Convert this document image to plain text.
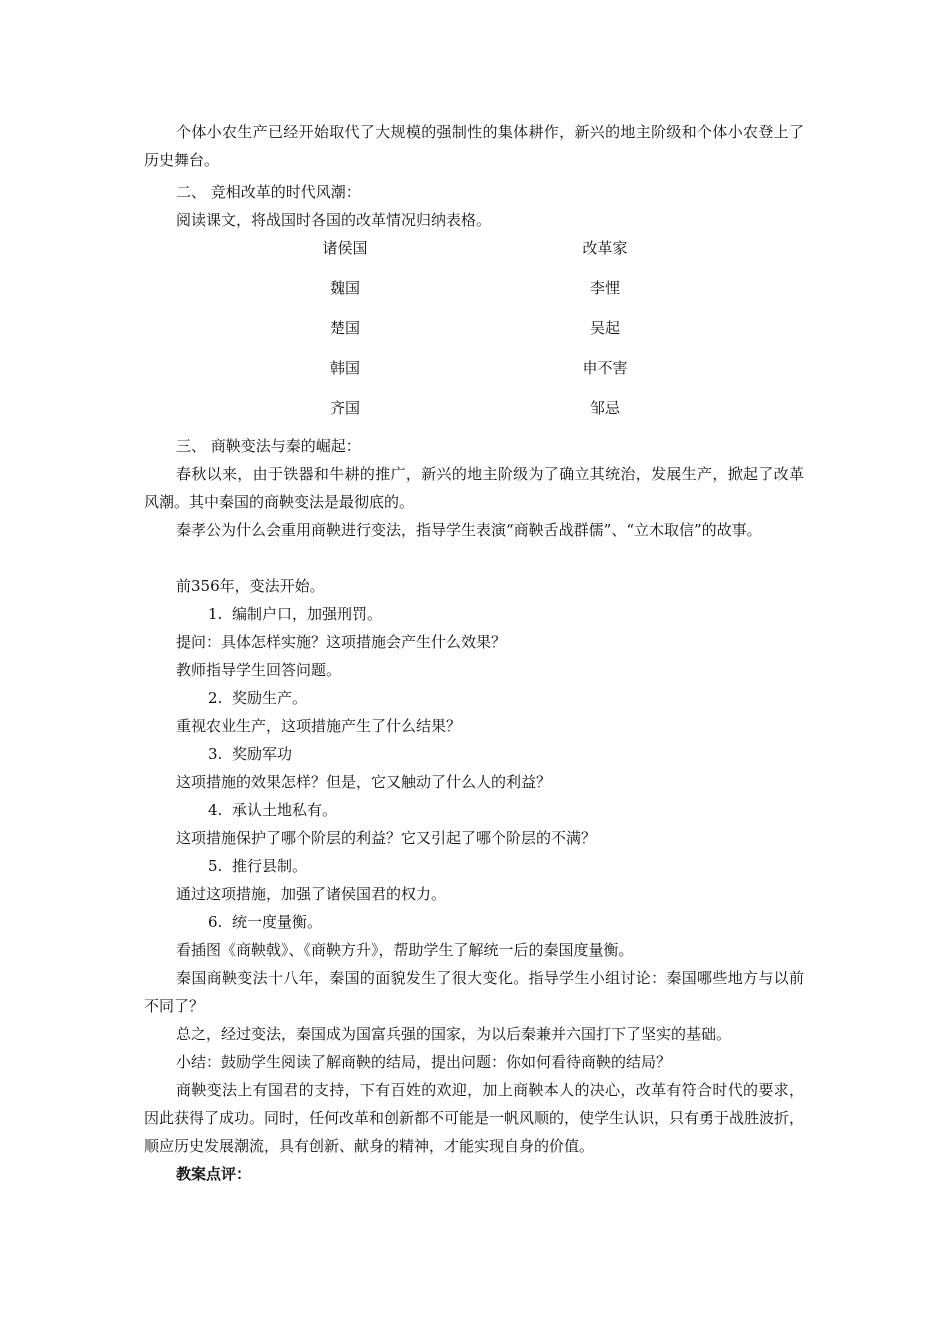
个体小农生产已经开始取代了大规模的强制性的集体耕作，新兴的地主阶级和个体小农登上了历史舞台。
二、 竞相改革的时代风潮：
阅读课文，将战国时各国的改革情况归纳表格。
诸侯国	改革家
魏国	李悝
楚国	吴起
韩国	申不害
齐国	邹忌
三、 商鞅变法与秦的崛起：
春秋以来，由于铁器和牛耕的推广，新兴的地主阶级为了确立其统治，发展生产，掀起了改革风潮。其中秦国的商鞅变法是最彻底的。
秦孝公为什么会重用商鞅进行变法，指导学生表演“商鞅舌战群儒”、“立木取信”的故事。
前356年，变法开始。
1. 编制户口，加强刑罚。
提问：具体怎样实施？这项措施会产生什么效果？
教师指导学生回答问题。
2. 奖励生产。
重视农业生产，这项措施产生了什么结果？
3. 奖励军功
这项措施的效果怎样？但是，它又触动了什么人的利益？
4. 承认土地私有。
这项措施保护了哪个阶层的利益？它又引起了哪个阶层的不满？
5. 推行县制。
通过这项措施，加强了诸侯国君的权力。
6. 统一度量衡。
看插图《商鞅戟》、《商鞅方升》，帮助学生了解统一后的秦国度量衡。
秦国商鞅变法十八年，秦国的面貌发生了很大变化。指导学生小组讨论：秦国哪些地方与以前不同了？
总之，经过变法，秦国成为国富兵强的国家，为以后秦兼并六国打下了坚实的基础。
小结：鼓励学生阅读了解商鞅的结局，提出问题：你如何看待商鞅的结局？
商鞅变法上有国君的支持，下有百姓的欢迎，加上商鞅本人的决心，改革有符合时代的要求，因此获得了成功。同时，任何改革和创新都不可能是一帆风顺的，使学生认识，只有勇于战胜波折，顺应历史发展潮流，具有创新、献身的精神，才能实现自身的价值。
教案点评：
